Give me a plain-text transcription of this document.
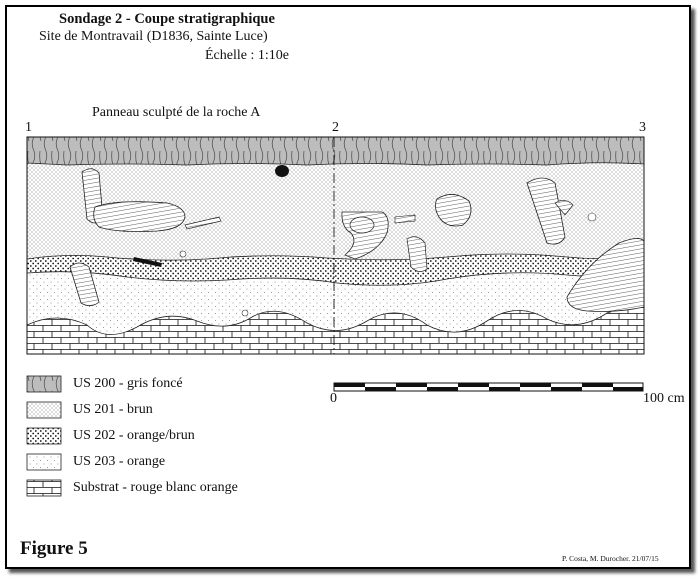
Sondage 2 - Coupe stratigraphique
Site de Montravail (D1836, Sainte Luce)
Échelle : 1:10e
Panneau sculpté de la roche A
1	2	3
0	100 cm
US 200 - gris foncé
US 201 - brun
US 202 - orange/brun
US 203 - orange
Substrat - rouge blanc orange
Figure 5	P. Costa, M. Durocher. 21/07/15
